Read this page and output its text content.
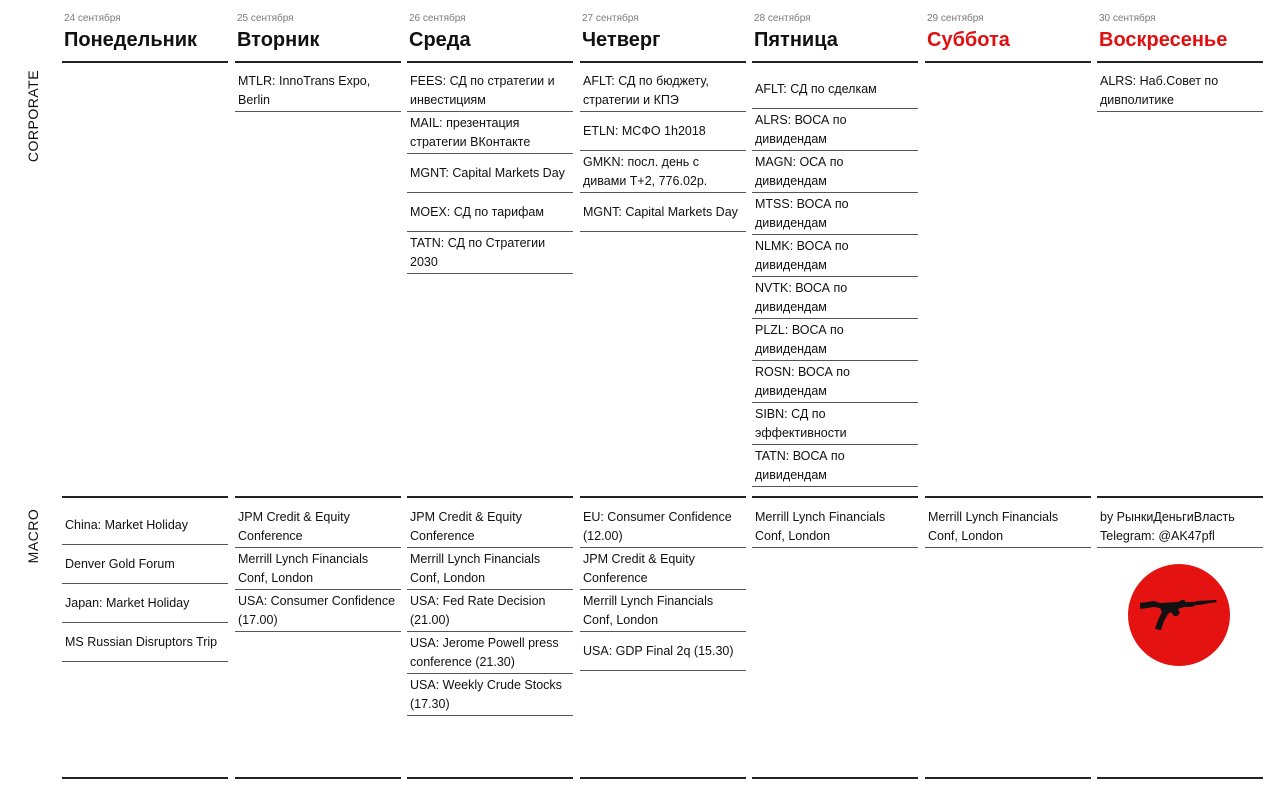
CORPORATE
MACRO
24 сентября
Понедельник
China: Market Holiday
Denver Gold Forum
Japan: Market Holiday
MS Russian Disruptors Trip
25 сентября
Вторник
MTLR: InnoTrans Expo, Berlin
JPM Credit & Equity Conference
Merrill Lynch Financials Conf, London
USA: Consumer Confidence (17.00)
26 сентября
Среда
FEES: СД по стратегии и инвестициям
MAIL: презентация стратегии ВКонтакте
MGNT: Capital Markets Day
MOEX: СД по тарифам
TATN: СД по Стратегии 2030
JPM Credit & Equity Conference
Merrill Lynch Financials Conf, London
USA: Fed Rate Decision (21.00)
USA: Jerome Powell press conference (21.30)
USA: Weekly Crude Stocks (17.30)
27 сентября
Четверг
AFLT: СД по бюджету, стратегии и КПЭ
ETLN: МСФО 1h2018
GMKN: посл. день с дивами Т+2, 776.02р.
MGNT: Capital Markets Day
EU: Consumer Confidence (12.00)
JPM Credit & Equity Conference
Merrill Lynch Financials Conf, London
USA: GDP Final 2q (15.30)
28 сентября
Пятница
AFLT: СД по сделкам
ALRS: ВОСА по дивидендам
MAGN: ОСА по дивидендам
MTSS: ВОСА по дивидендам
NLMK: ВОСА по дивидендам
NVTK: ВОСА по дивидендам
PLZL: ВОСА по дивидендам
ROSN: ВОСА по дивидендам
SIBN: СД по эффективности
TATN: ВОСА по дивидендам
Merrill Lynch Financials Conf, London
29 сентября
Суббота
Merrill Lynch Financials Conf, London
30 сентября
Воскресенье
ALRS: Наб.Совет по дивполитике
by РынкиДеньгиВласть Telegram: @AK47pfl
